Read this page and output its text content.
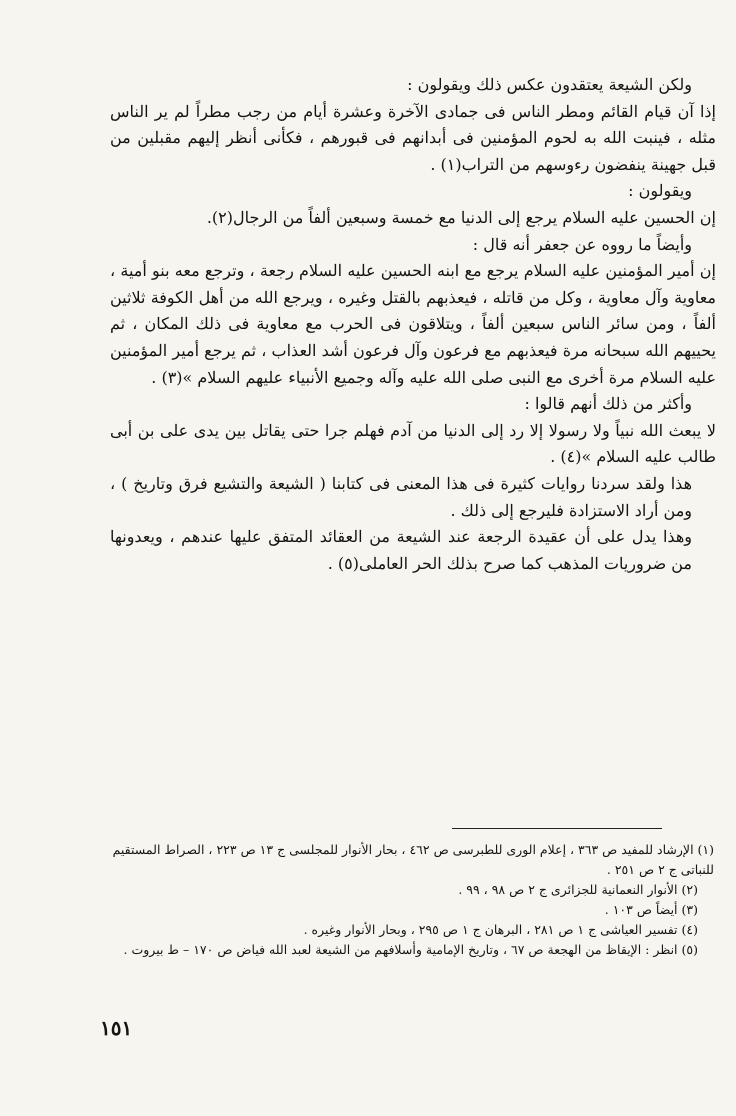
ولكن الشيعة يعتقدون عكس ذلك ويقولون :

إذا آن قيام القائم ومطر الناس فى جمادى الآخرة وعشرة أيام من رجب مطراً لم ير الناس مثله ، فينبت الله به لحوم المؤمنين فى أبدانهم فى قبورهم ، فكأنى أنظر إليهم مقبلين من قبل جهينة ينفضون رءوسهم من التراب(١) .

ويقولون :

إن الحسين عليه السلام يرجع إلى الدنيا مع خمسة وسبعين ألفاً من الرجال(٢).

وأيضاً ما رووه عن جعفر أنه قال :

إن أمير المؤمنين عليه السلام يرجع مع ابنه الحسين عليه السلام رجعة ، وترجع معه بنو أمية ، معاوية وآل معاوية ، وكل من قاتله ، فيعذبهم بالقتل وغيره ، ويرجع الله من أهل الكوفة ثلاثين ألفاً ، ومن سائر الناس سبعين ألفاً ، ويتلاقون فى الحرب مع معاوية فى ذلك المكان ، ثم يحييهم الله سبحانه مرة فيعذبهم مع فرعون وآل فرعون أشد العذاب ، ثم يرجع أمير المؤمنين عليه السلام مرة أخرى مع النبى صلى الله عليه وآله وجميع الأنبياء عليهم السلام »(٣) .

وأكثر من ذلك أنهم قالوا :

لا يبعث الله نبياً ولا رسولا إلا رد إلى الدنيا من آدم فهلم جرا حتى يقاتل بين يدى على بن أبى طالب عليه السلام »(٤) .

هذا ولقد سردنا روايات كثيرة فى هذا المعنى فى كتابنا ( الشيعة والتشيع فرق وتاريخ ) ، ومن أراد الاستزادة فليرجع إلى ذلك .

وهذا يدل على أن عقيدة الرجعة عند الشيعة من العقائد المتفق عليها عندهم ، ويعدونها من ضروريات المذهب كما صرح بذلك الحر العاملى(٥) .

(١) الإرشاد للمفيد ص ٣٦٣ ، إعلام الورى للطبرسى ص ٤٦٢ ، بحار الأنوار للمجلسى ج ١٣ ص ٢٢٣ ، الصراط المستقيم للنباتى ج ٢ ص ٢٥١ .

(٢) الأنوار النعمانية للجزائرى ج ٢ ص ٩٨ ، ٩٩ .

(٣) أيضاً ص ١٠٣ .

(٤) تفسير العياشى ج ١ ص ٢٨١ ، البرهان ج ١ ص ٢٩٥ ، وبحار الأنوار وغيره .

(٥) انظر : الإيقاظ من الهجعة ص ٦٧ ، وتاريخ الإمامية وأسلافهم من الشيعة لعبد الله فياض ص ١٧٠ – ط بيروت .

١٥١
